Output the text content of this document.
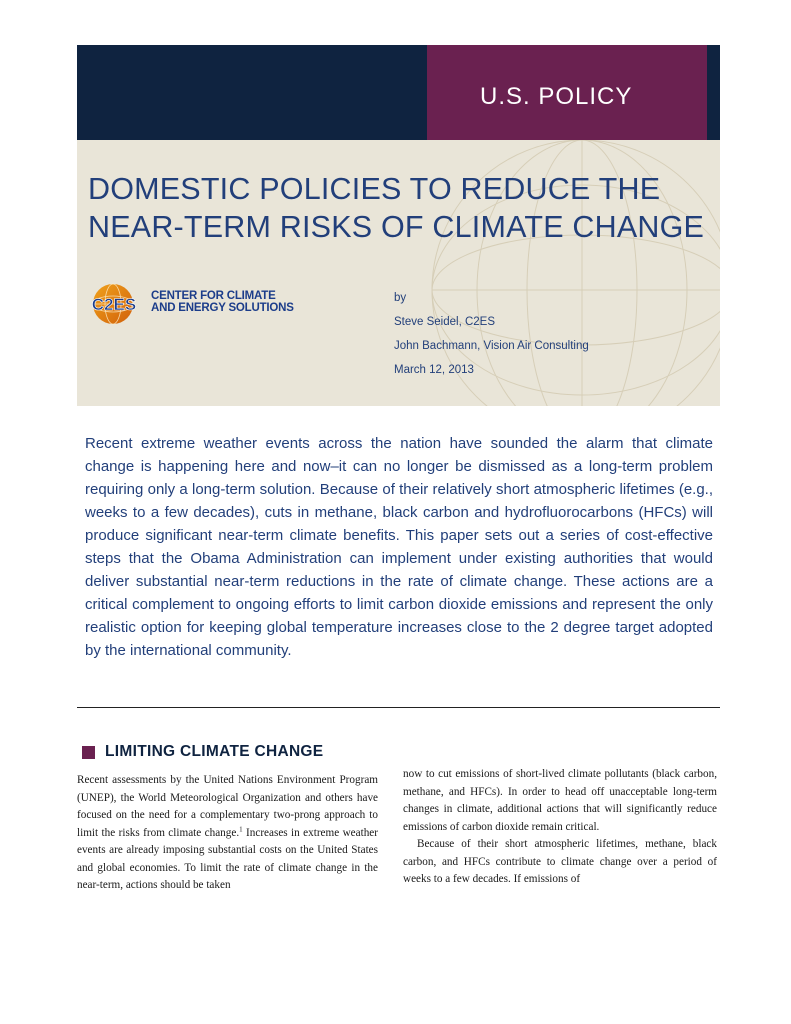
U.S. POLICY
DOMESTIC POLICIES TO REDUCE THE
NEAR-TERM RISKS OF CLIMATE CHANGE
C2ES CENTER FOR CLIMATE
AND ENERGY SOLUTIONS
by
Steve Seidel, C2ES
John Bachmann, Vision Air Consulting
March 12, 2013
Recent extreme weather events across the nation have sounded the alarm that climate change is happening here and now–it can no longer be dismissed as a long-term problem requiring only a long-term solution. Because of their relatively short atmospheric lifetimes (e.g., weeks to a few decades), cuts in methane, black carbon and hydrofluorocarbons (HFCs) will produce significant near-term climate benefits. This paper sets out a series of cost-effective steps that the Obama Administration can implement under existing authorities that would deliver substantial near-term reductions in the rate of climate change. These actions are a critical complement to ongoing efforts to limit carbon dioxide emissions and represent the only realistic option for keeping global temperature increases close to the 2 degree target adopted by the international community.
LIMITING CLIMATE CHANGE

Recent assessments by the United Nations Environment Program (UNEP), the World Meteorological Organization and others have focused on the need for a complementary two-prong approach to limit the risks from climate change.$^1$ Increases in extreme weather events are already imposing substantial costs on the United States and global economies. To limit the rate of climate change in the near-term, actions should be taken

now to cut emissions of short-lived climate pollutants (black carbon, methane, and HFCs). In order to head off unacceptable long-term changes in climate, additional actions that will significantly reduce emissions of carbon dioxide remain critical.

Because of their short atmospheric lifetimes, methane, black carbon, and HFCs contribute to climate change over a period of weeks to a few decades. If emissions of
